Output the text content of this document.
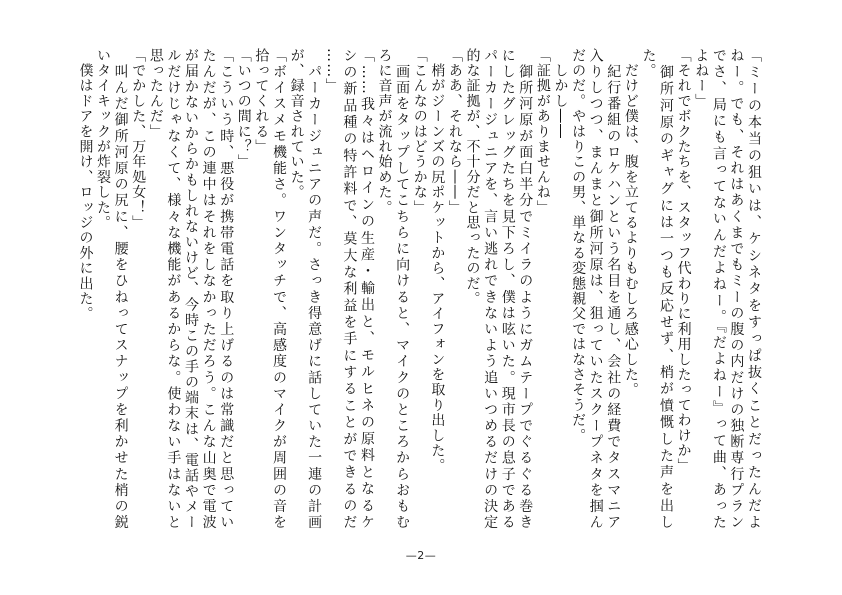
「ミーの本当の狙いは、ケシネタをすっぱ抜くことだったんだよ
ねー。でも、それはあくまでもミーの腹の内だけの独断専行プラン
でさ、局にも言ってないんだよねー。『だよねー』って曲、あった
よねー」
「それでボクたちを、スタッフ代わりに利用したってわけか」
　御所河原のギャグには一つも反応せず、梢が憤慨した声を出し
た。
　だけど僕は、腹を立てるよりもむしろ感心した。
　紀行番組のロケハンという名目を通し、会社の経費でタスマニア
入りしつつ、まんまと御所河原は、狙っていたスクープネタを掴ん
だのだ。やはりこの男、単なる変態親父ではなさそうだ。
　しかし――
「証拠がありませんね」
　御所河原が面白半分でミイラのようにガムテープでぐるぐる巻き
にしたグレッグたちを見下ろし、僕は呟いた。現市長の息子である
パーカージュニアを、言い逃れできないよう追いつめるだけの決定
的な証拠が、不十分だと思ったのだ。
「ああ、それなら――」
　梢がジーンズの尻ポケットから、アイフォンを取り出した。
「こんなのはどうかな」
　画面をタップしてこちらに向けると、マイクのところからおもむ
ろに音声が流れ始めた。
「……我々はヘロインの生産・輸出と、モルヒネの原料となるケ
シの新品種の特許料で、莫大な利益を手にすることができるのだ
……」
　パーカージュニアの声だ。さっき得意げに話していた一連の計画
が、録音されていた。
「ボイスメモ機能さ。ワンタッチで、高感度のマイクが周囲の音を
拾ってくれる」
「いつの間に？」
「こういう時、悪役が携帯電話を取り上げるのは常識だと思ってい
たんだが、この連中はそれをしなかっただろう。こんな山奥で電波
が届かないからかもしれないけど、今時この手の端末は、電話やメー
ルだけじゃなくて、様々な機能があるからな。使わない手はないと
思ったんだ」
「でかした、万年処女！」
　叫んだ御所河原の尻に、腰をひねってスナップを利かせた梢の鋭
いタイキックが炸裂した。
　僕はドアを開け、ロッジの外に出た。
—2—
